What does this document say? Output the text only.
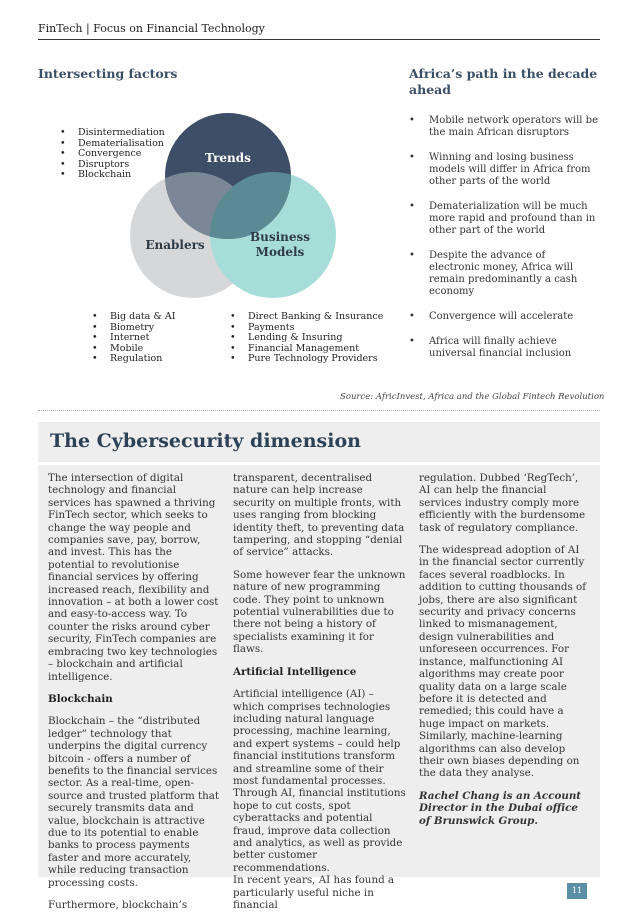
FinTech | Focus on Financial Technology
Intersecting factors
• Disintermediation
• Dematerialisation
• Convergence
• Disruptors
• Blockchain
Trends
Enablers
Business Models
• Big data & AI
• Biometry
• Internet
• Mobile
• Regulation
• Direct Banking & Insurance
• Payments
• Lending & Insuring
• Financial Management
• Pure Technology Providers
Africa’s path in the decade ahead
• Mobile network operators will be the main African disruptors
• Winning and losing business models will differ in Africa from other parts of the world
• Dematerialization will be much more rapid and profound than in other part of the world
• Despite the advance of electronic money, Africa will remain predominantly a cash economy
• Convergence will accelerate
• Africa will finally achieve universal financial inclusion
Source: AfricInvest, Africa and the Global Fintech Revolution
The Cybersecurity dimension

The intersection of digital technology and financial services has spawned a thriving FinTech sector, which seeks to change the way people and companies save, pay, borrow, and invest. This has the potential to revolutionise financial services by offering increased reach, flexibility and innovation – at both a lower cost and easy-to-access way. To counter the risks around cyber security, FinTech companies are embracing two key technologies – blockchain and artificial intelligence.

Blockchain

Blockchain – the “distributed ledger” technology that underpins the digital currency bitcoin - offers a number of benefits to the financial services sector. As a real-time, open-source and trusted platform that securely transmits data and value, blockchain is attractive due to its potential to enable banks to process payments faster and more accurately, while reducing transaction processing costs.

Furthermore, blockchain’s

transparent, decentralised nature can help increase security on multiple fronts, with uses ranging from blocking identity theft, to preventing data tampering, and stopping “denial of service” attacks.

Some however fear the unknown nature of new programming code. They point to unknown potential vulnerabilities due to there not being a history of specialists examining it for flaws.

Artificial Intelligence

Artificial intelligence (AI) – which comprises technologies including natural language processing, machine learning, and expert systems – could help financial institutions transform and streamline some of their most fundamental processes. Through AI, financial institutions hope to cut costs, spot cyberattacks and potential fraud, improve data collection and analytics, as well as provide better customer recommendations.

In recent years, AI has found a particularly useful niche in financial

regulation. Dubbed ‘RegTech’, AI can help the financial services industry comply more efficiently with the burdensome task of regulatory compliance.

The widespread adoption of AI in the financial sector currently faces several roadblocks. In addition to cutting thousands of jobs, there are also significant security and privacy concerns linked to mismanagement, design vulnerabilities and unforeseen occurrences. For instance, malfunctioning AI algorithms may create poor quality data on a large scale before it is detected and remedied; this could have a huge impact on markets. Similarly, machine-learning algorithms can also develop their own biases depending on the data they analyse.

Rachel Chang is an Account Director in the Dubai office of Brunswick Group.

11
